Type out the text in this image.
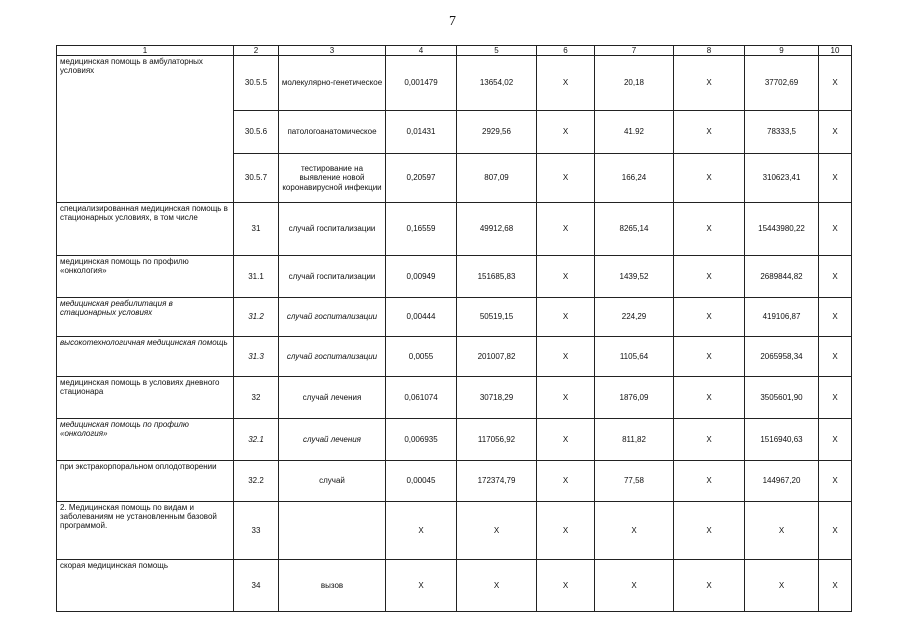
7
1	2	3	4	5	6	7	8	9	10
медицинская помощь в амбулаторных условиях	30.5.5	молекулярно-генетическое	0,001479	13654,02	Х	20,18	Х	37702,69	Х
	30.5.6	патологоанатомическое	0,01431	2929,56	Х	41.92	Х	78333,5	Х
	30.5.7	тестирование на выявление новой коронавирусной инфекции	0,20597	807,09	Х	166,24	Х	310623,41	Х
специализированная медицинская помощь в стационарных условиях, в том числе	31	случай госпитализации	0,16559	49912,68	Х	8265,14	Х	15443980,22	Х
медицинская помощь по профилю «онкология»	31.1	случай госпитализации	0,00949	151685,83	Х	1439,52	Х	2689844,82	Х
медицинская реабилитация в стационарных условиях	31.2	случай госпитализации	0,00444	50519,15	Х	224,29	Х	419106,87	Х
высокотехнологичная медицинская помощь	31.3	случай госпитализации	0,0055	201007,82	Х	1105,64	Х	2065958,34	Х
медицинская помощь в условиях дневного стационара	32	случай лечения	0,061074	30718,29	Х	1876,09	Х	3505601,90	Х
медицинская помощь по профилю «онкология»	32.1	случай лечения	0,006935	117056,92	Х	811,82	Х	1516940,63	Х
при экстракорпоральном оплодотворении	32.2	случай	0,00045	172374,79	Х	77,58	Х	144967,20	Х
2. Медицинская помощь по видам и заболеваниям не установленным базовой программой.	33		Х	Х	Х	Х	Х	Х	Х
скорая медицинская помощь	34	вызов	Х	Х	Х	Х	Х	Х	Х
